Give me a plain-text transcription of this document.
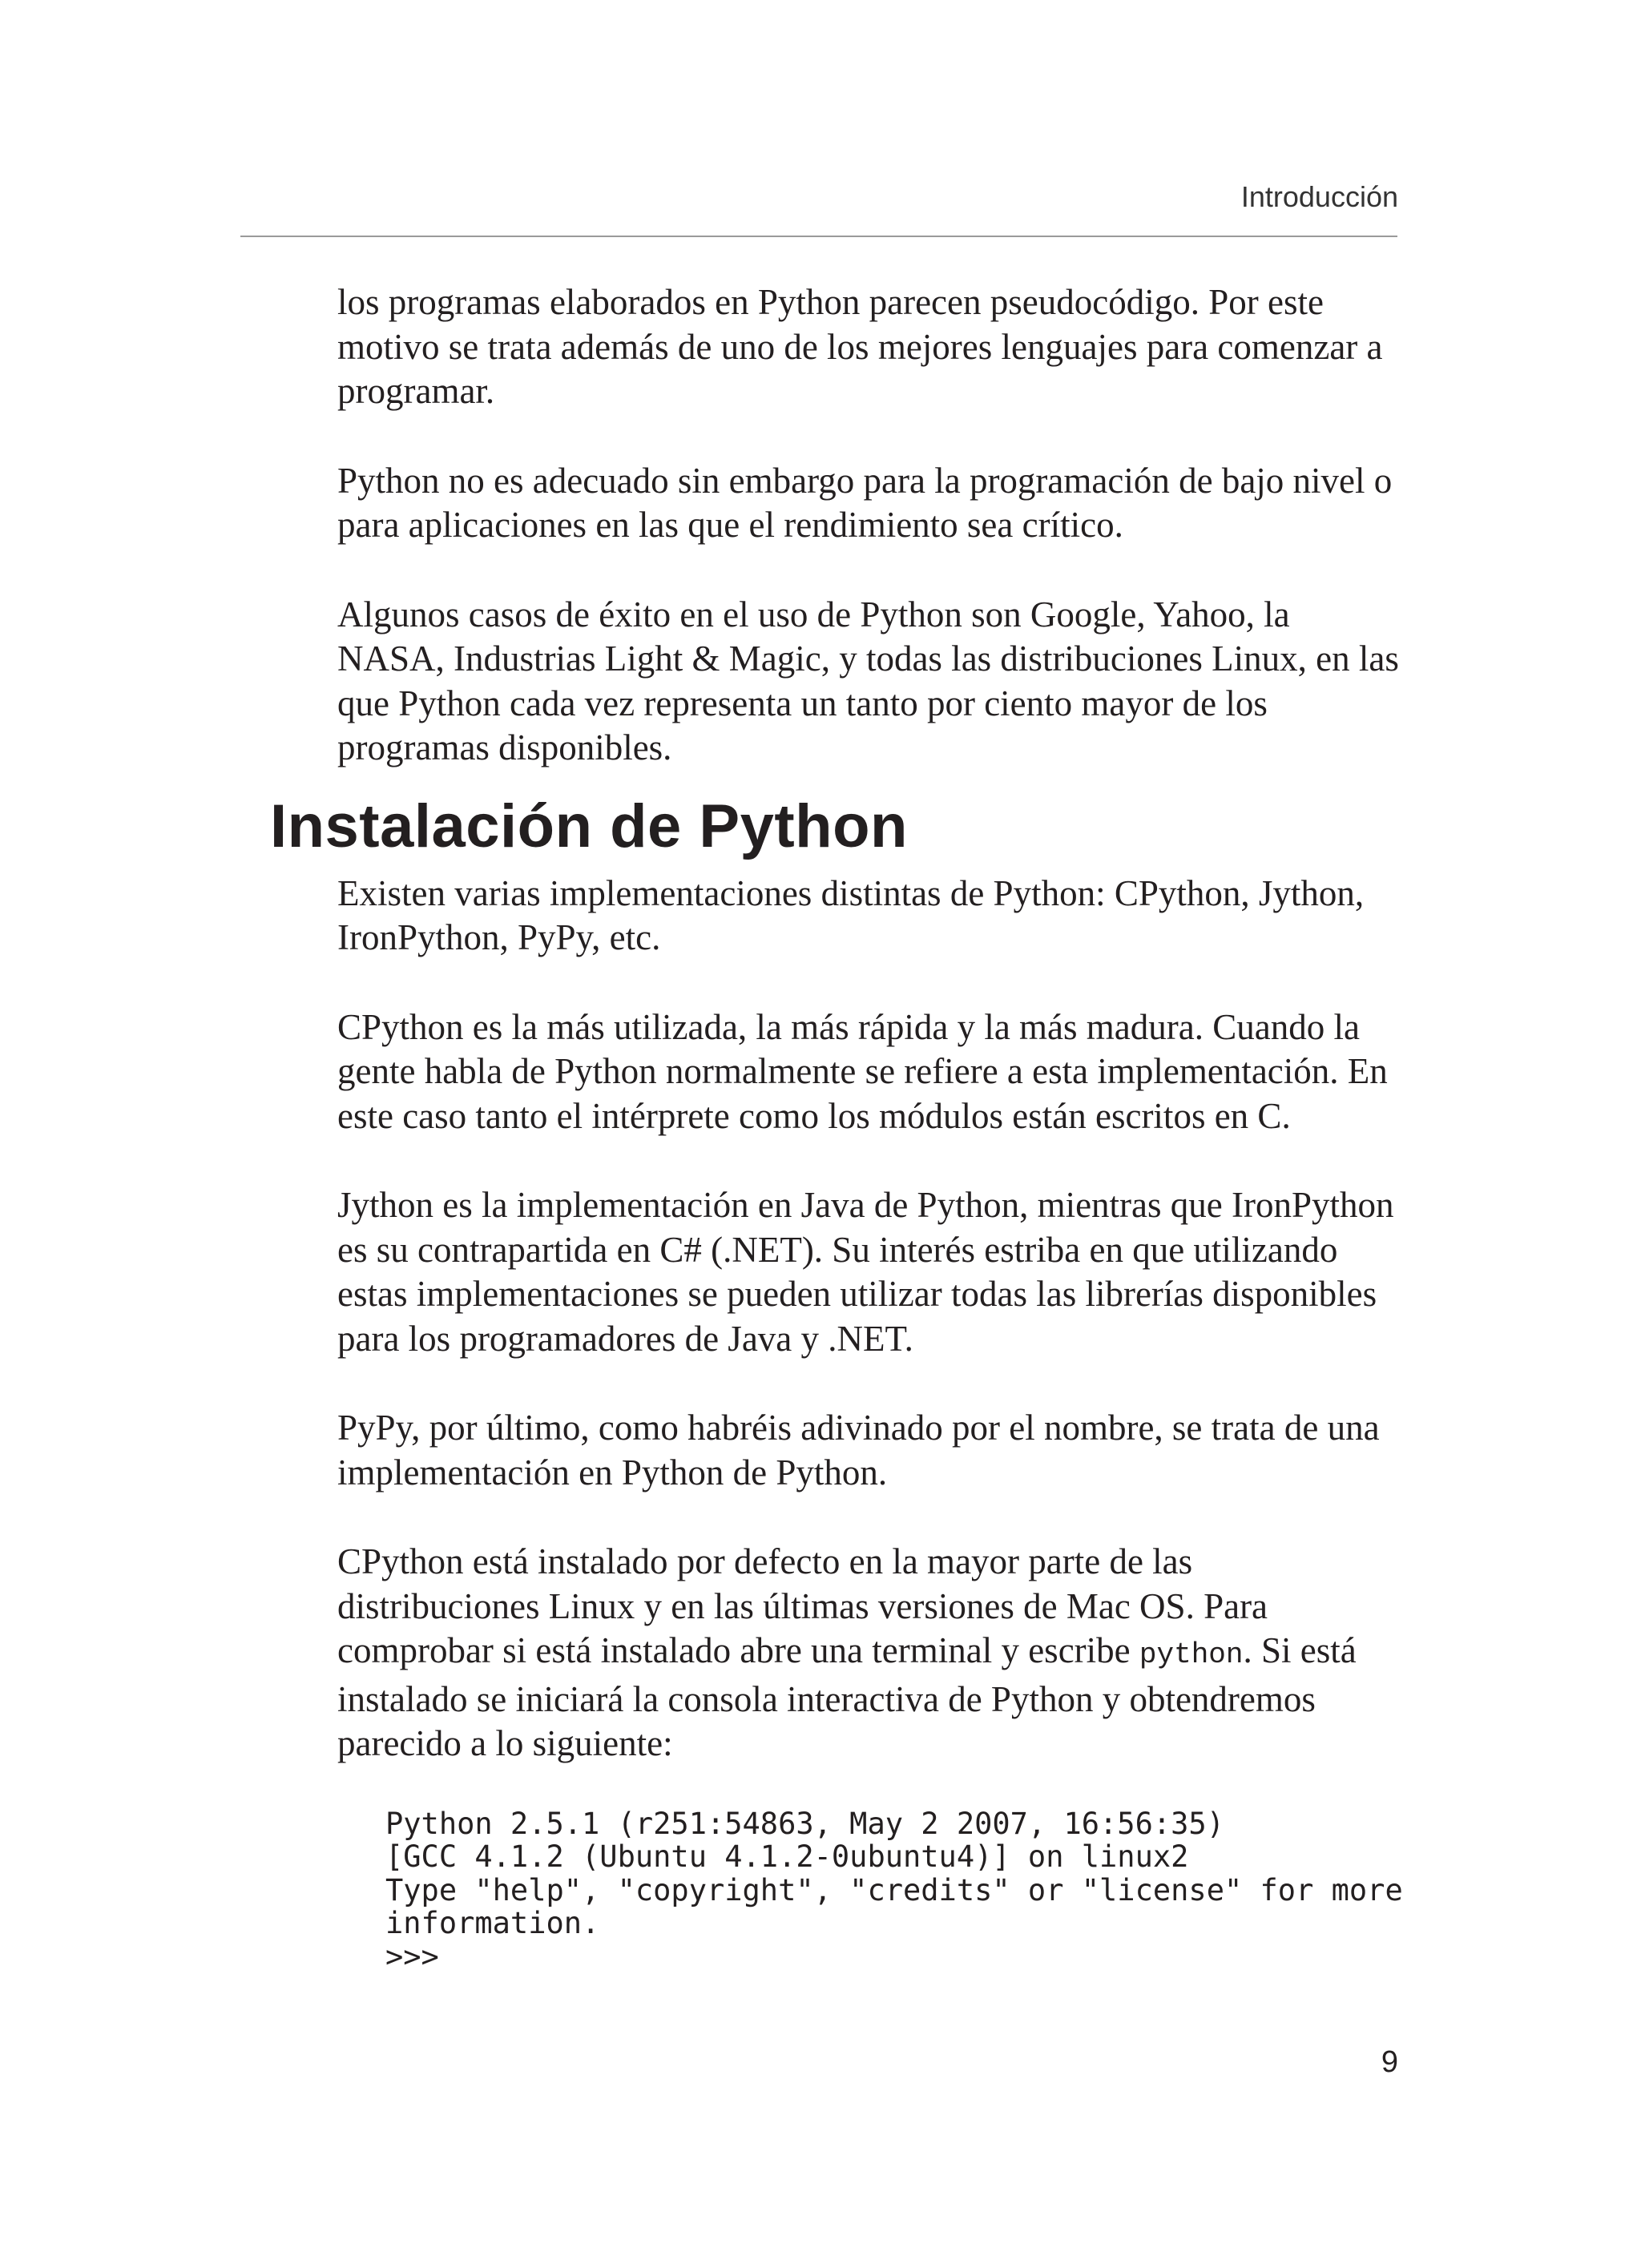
Introducción

los programas elaborados en Python parecen pseudocódigo. Por este motivo se trata además de uno de los mejores lenguajes para comenzar a programar.

Python no es adecuado sin embargo para la programación de bajo nivel o para aplicaciones en las que el rendimiento sea crítico.

Algunos casos de éxito en el uso de Python son Google, Yahoo, la NASA, Industrias Light & Magic, y todas las distribuciones Linux, en las que Python cada vez representa un tanto por ciento mayor de los programas disponibles.

Instalación de Python

Existen varias implementaciones distintas de Python: CPython, Jython, IronPython, PyPy, etc.

CPython es la más utilizada, la más rápida y la más madura. Cuando la gente habla de Python normalmente se refiere a esta implementación. En este caso tanto el intérprete como los módulos están escritos en C.

Jython es la implementación en Java de Python, mientras que IronPython es su contrapartida en C# (.NET). Su interés estriba en que utilizando estas implementaciones se pueden utilizar todas las librerías disponibles para los programadores de Java y .NET.

PyPy, por último, como habréis adivinado por el nombre, se trata de una implementación en Python de Python.

CPython está instalado por defecto en la mayor parte de las distribuciones Linux y en las últimas versiones de Mac OS. Para comprobar si está instalado abre una terminal y escribe python. Si está instalado se iniciará la consola interactiva de Python y obtendremos parecido a lo siguiente:

Python 2.5.1 (r251:54863, May 2 2007, 16:56:35)
[GCC 4.1.2 (Ubuntu 4.1.2-0ubuntu4)] on linux2
Type "help", "copyright", "credits" or "license" for more
information.
>>>
9
